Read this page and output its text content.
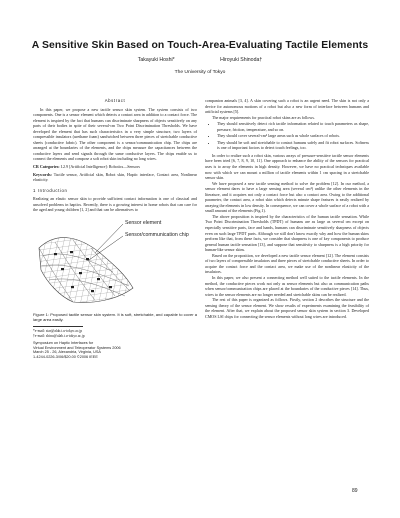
A Sensitive Skin Based on Touch-Area-Evaluating Tactile Elements
Takayuki Hoshi*	Hiroyuki Shinoda†
The University of Tokyo
Abstract

In this paper, we propose a new tactile sensor skin system. The system consists of two components. One is a sensor element which detects a contact area in addition to a contact force. The element is inspired by the fact that humans can discriminate sharpness of objects sensitively on any parts of their bodies in spite of their several-cm Two Point Discrimination Thresholds. We have developed the element that has such characteristics in a very simple structure, two layers of compressible insulators (urethane foam) sandwiched between three pieces of stretchable conductive sheets (conductive fabric). The other component is a sensor/communication chip. The chips are arranged at the boundaries of the elements, and the chips measure the capacitances between the conductive layers and send signals through the same conductive layers. The chips enable us to connect the elements and compose a soft robot skin including no long wires.

CR Categories: I.2.9 [Artificial Intelligence]: Robotics—Sensors

Keywords: Tactile sensor, Artificial skin, Robot skin, Haptic interface, Contact area, Nonlinear elasticity.

1 Introduction

Realizing an elastic sensor skin to provide sufficient contact information is one of classical and unsolved problems in haptics. Recently, there is a growing interest in home robots that can care for the aged and young children [1, 2] and that can be alternatives to

Sensor element
Sensor/communication chip
Figure 1: Proposed tactile sensor skin system. It is soft, stretchable, and capable to cover a large area easily.
*e-mail: star@alab.t.u-tokyo.ac.jp
†e-mail: shino@alab.t.u-tokyo.ac.jp
Symposium on Haptic Interfaces for
Virtual Environment and Teleoperator Systems 2006
March 25 - 26, Alexandria, Virginia, USA
1-4244-0226-3/06/$20.00 ©2006 IEEE

companion animals [3, 4]. A skin covering such a robot is an urgent need. The skin is not only a device for autonomous motions of a robot but also a new form of interface between humans and artificial systems [5].

The major requirements for practical robot skins are as follows.

• They should sensitively detect rich tactile information related to touch parameters as shape, pressure, friction, temperature, and so on.
• They should cover several-cm² large areas such as whole surfaces of robots.
• They should be soft and stretchable to contact humans safely and fit robot surfaces. Softness is one of important factors to detect touch feelings, too.

In order to realize such a robot skin, various arrays of pressure-sensitive tactile sensor elements have been tried [6, 7, 8, 9, 10, 11]. One approach to enhance the ability of the sensors for practical uses is to array the elements in high density. However, we have no practical techniques available now with which we can mount a million of tactile elements within 1 cm spacing in a stretchable sensor skin.

We have proposed a new tactile sensing method to solve the problem [12]. In our method, a sensor element dares to have a large sensing area (several cm²) unlike the other elements in the literature, and it acquires not only a contact force but also a contact area. Owing to the additional parameter, the contact area, a robot skin which detects minute shape features is easily realized by arraying the elements in low density. In consequence, we can cover a whole surface of a robot with a small amount of the elements (Fig.1).

The above proposition is inspired by the characteristics of the human tactile sensation. While Two Point Discrimination Thresholds (TPDT) of humans are as large as several cm except on especially sensitive parts, face and hands, humans can discriminate sensitively sharpness of objects even on such large TPDT parts. Although we still don't know exactly why and how the human skins perform like that, from these facts, we consider that sharpness is one of key components to produce general human tactile sensation [13], and suppose that sensitivity to sharpness is a high priority for human-like sensor skins.

Based on the proposition, we developed a new tactile sensor element [12]. The element consists of two layers of compressible insulators and three pieces of stretchable conductive sheets. In order to acquire the contact force and the contact area, we make use of the nonlinear elasticity of the insulators.

In this paper, we also present a connecting method well suited to the tactile elements. In the method, the conductive pieces work not only as sensor elements but also as communication paths when sensor/communication chips are placed at the boundaries of the conductive pieces [14]. Thus, wires to the sensor elements are no longer needed and stretchable skins can be realized.

The rest of this paper is organized as follows. Firstly, section 2 describes the structure and the sensing theory of the sensor element. We show results of experiments examining the feasibility of the element. After that, we explain about the proposed sensor skin system in section 3. Developed CMOS LSI chips for connecting the sensor elements without long wires are introduced.

89
